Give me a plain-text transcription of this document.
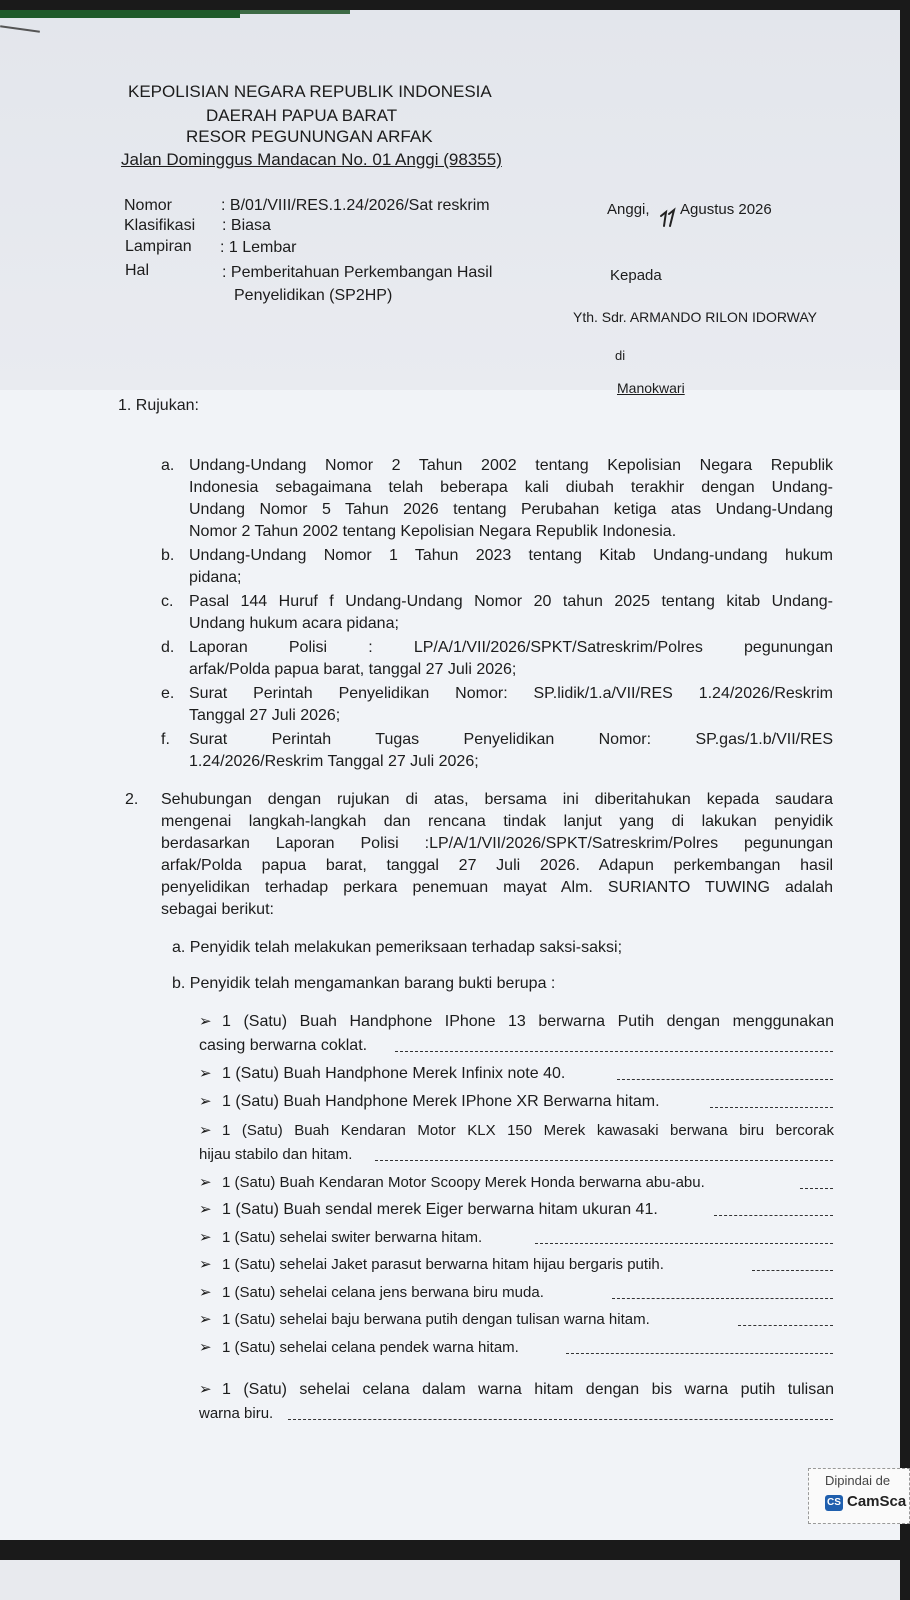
KEPOLISIAN NEGARA REPUBLIK INDONESIA
DAERAH PAPUA BARAT
RESOR PEGUNUNGAN ARFAK
Jalan Dominggus Mandacan No. 01 Anggi (98355)
Nomor	: B/01/VIII/RES.1.24/2026/Sat reskrim
Klasifikasi : Biasa
Lampiran : 1 Lembar
Hal	: Pemberitahuan Perkembangan Hasil
Penyelidikan (SP2HP)
Anggi, Agustus 2026
Kepada
Yth. Sdr. ARMANDO RILON IDORWAY
di
Manokwari
1. Rujukan:
a. Undang-Undang Nomor 2 Tahun 2002 tentang Kepolisian Negara Republik
Indonesia sebagaimana telah beberapa kali diubah terakhir dengan Undang-
Undang Nomor 5 Tahun 2026 tentang Perubahan ketiga atas Undang-Undang
Nomor 2 Tahun 2002 tentang Kepolisian Negara Republik Indonesia.
b. Undang-Undang Nomor 1 Tahun 2023 tentang Kitab Undang-undang hukum
pidana;
c. Pasal 144 Huruf f Undang-Undang Nomor 20 tahun 2025 tentang kitab Undang-
Undang hukum acara pidana;
d. Laporan Polisi : LP/A/1/VII/2026/SPKT/Satreskrim/Polres pegunungan
arfak/Polda papua barat, tanggal 27 Juli 2026;
e. Surat Perintah Penyelidikan Nomor: SP.lidik/1.a/VII/RES 1.24/2026/Reskrim
Tanggal 27 Juli 2026;
f. Surat Perintah Tugas Penyelidikan Nomor: SP.gas/1.b/VII/RES
1.24/2026/Reskrim Tanggal 27 Juli 2026;
2. Sehubungan dengan rujukan di atas, bersama ini diberitahukan kepada saudara
mengenai langkah-langkah dan rencana tindak lanjut yang di lakukan penyidik
berdasarkan Laporan Polisi :LP/A/1/VII/2026/SPKT/Satreskrim/Polres pegunungan
arfak/Polda papua barat, tanggal 27 Juli 2026. Adapun perkembangan hasil
penyelidikan terhadap perkara penemuan mayat Alm. SURIANTO TUWING adalah
sebagai berikut:
a. Penyidik telah melakukan pemeriksaan terhadap saksi-saksi;
b. Penyidik telah mengamankan barang bukti berupa :
➢ 1 (Satu) Buah Handphone IPhone 13 berwarna Putih dengan menggunakan
casing berwarna coklat.
➢ 1 (Satu) Buah Handphone Merek Infinix note 40.
➢ 1 (Satu) Buah Handphone Merek IPhone XR Berwarna hitam.
➢ 1 (Satu) Buah Kendaran Motor KLX 150 Merek kawasaki berwana biru bercorak
hijau stabilo dan hitam.
➢ 1 (Satu) Buah Kendaran Motor Scoopy Merek Honda berwarna abu-abu.
➢ 1 (Satu) Buah sendal merek Eiger berwarna hitam ukuran 41.
➢ 1 (Satu) sehelai switer berwarna hitam.
➢ 1 (Satu) sehelai Jaket parasut berwarna hitam hijau bergaris putih.
➢ 1 (Satu) sehelai celana jens berwana biru muda.
➢ 1 (Satu) sehelai baju berwana putih dengan tulisan warna hitam.
➢ 1 (Satu) sehelai celana pendek warna hitam.
➢ 1 (Satu) sehelai celana dalam warna hitam dengan bis warna putih tulisan
warna biru.
Dipindai de
CS CamSca
